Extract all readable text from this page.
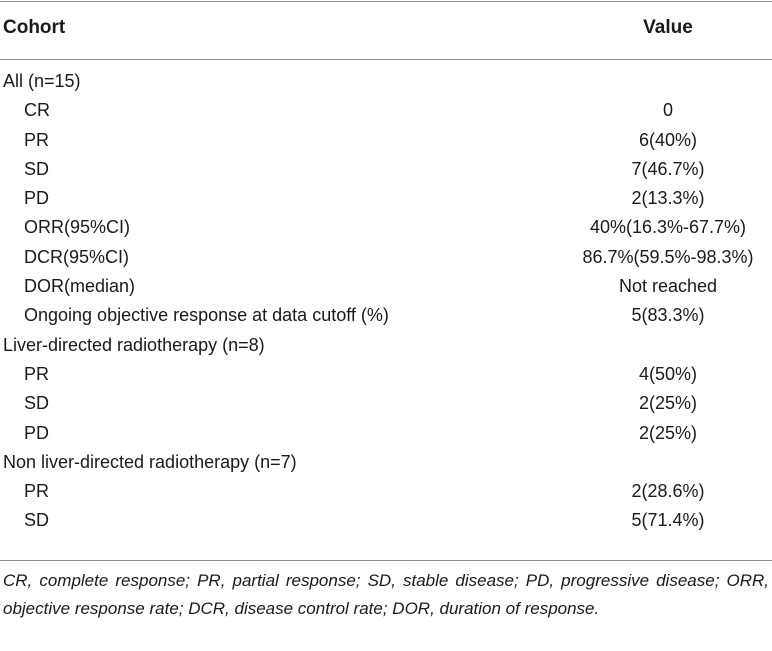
Cohort	Value
All (n=15)
CR	0
PR	6(40%)
SD	7(46.7%)
PD	2(13.3%)
ORR(95%CI)	40%(16.3%-67.7%)
DCR(95%CI)	86.7%(59.5%-98.3%)
DOR(median)	Not reached
Ongoing objective response at data cutoff (%)	5(83.3%)
Liver-directed radiotherapy (n=8)
PR	4(50%)
SD	2(25%)
PD	2(25%)
Non liver-directed radiotherapy (n=7)
PR	2(28.6%)
SD	5(71.4%)
CR, complete response; PR, partial response; SD, stable disease; PD, progressive disease; ORR, objective response rate; DCR, disease control rate; DOR, duration of response.
